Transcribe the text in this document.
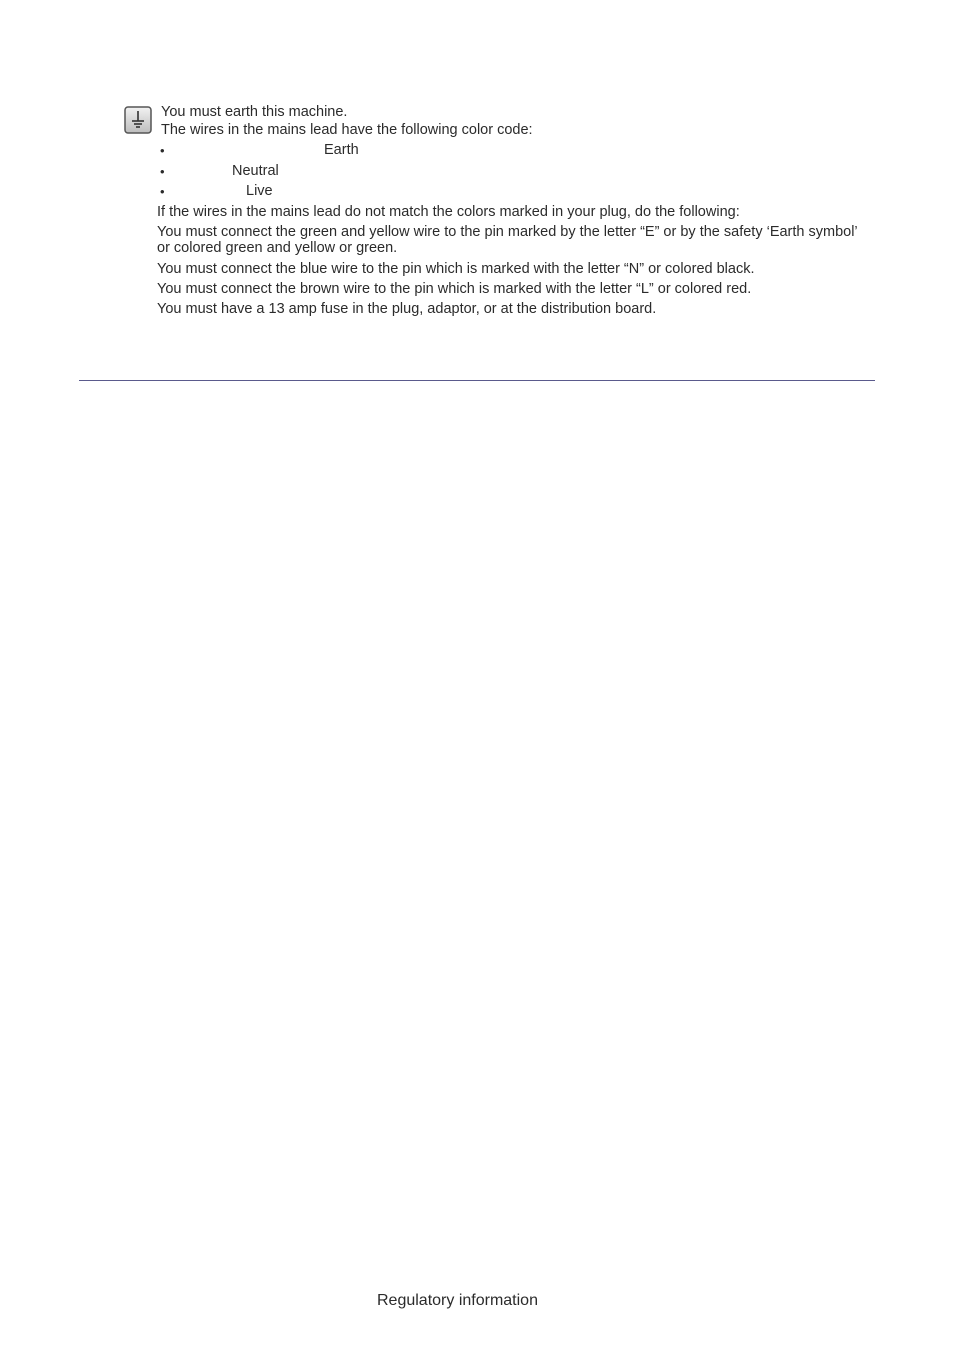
You must earth this machine.
The wires in the mains lead have the following color code:
•	Earth
•	Neutral
•	Live
If the wires in the mains lead do not match the colors marked in your plug, do the following:
You must connect the green and yellow wire to the pin marked by the letter “E” or by the safety ‘Earth symbol’
or colored green and yellow or green.
You must connect the blue wire to the pin which is marked with the letter “N” or colored black.
You must connect the brown wire to the pin which is marked with the letter “L” or colored red.
You must have a 13 amp fuse in the plug, adaptor, or at the distribution board.
Regulatory information
